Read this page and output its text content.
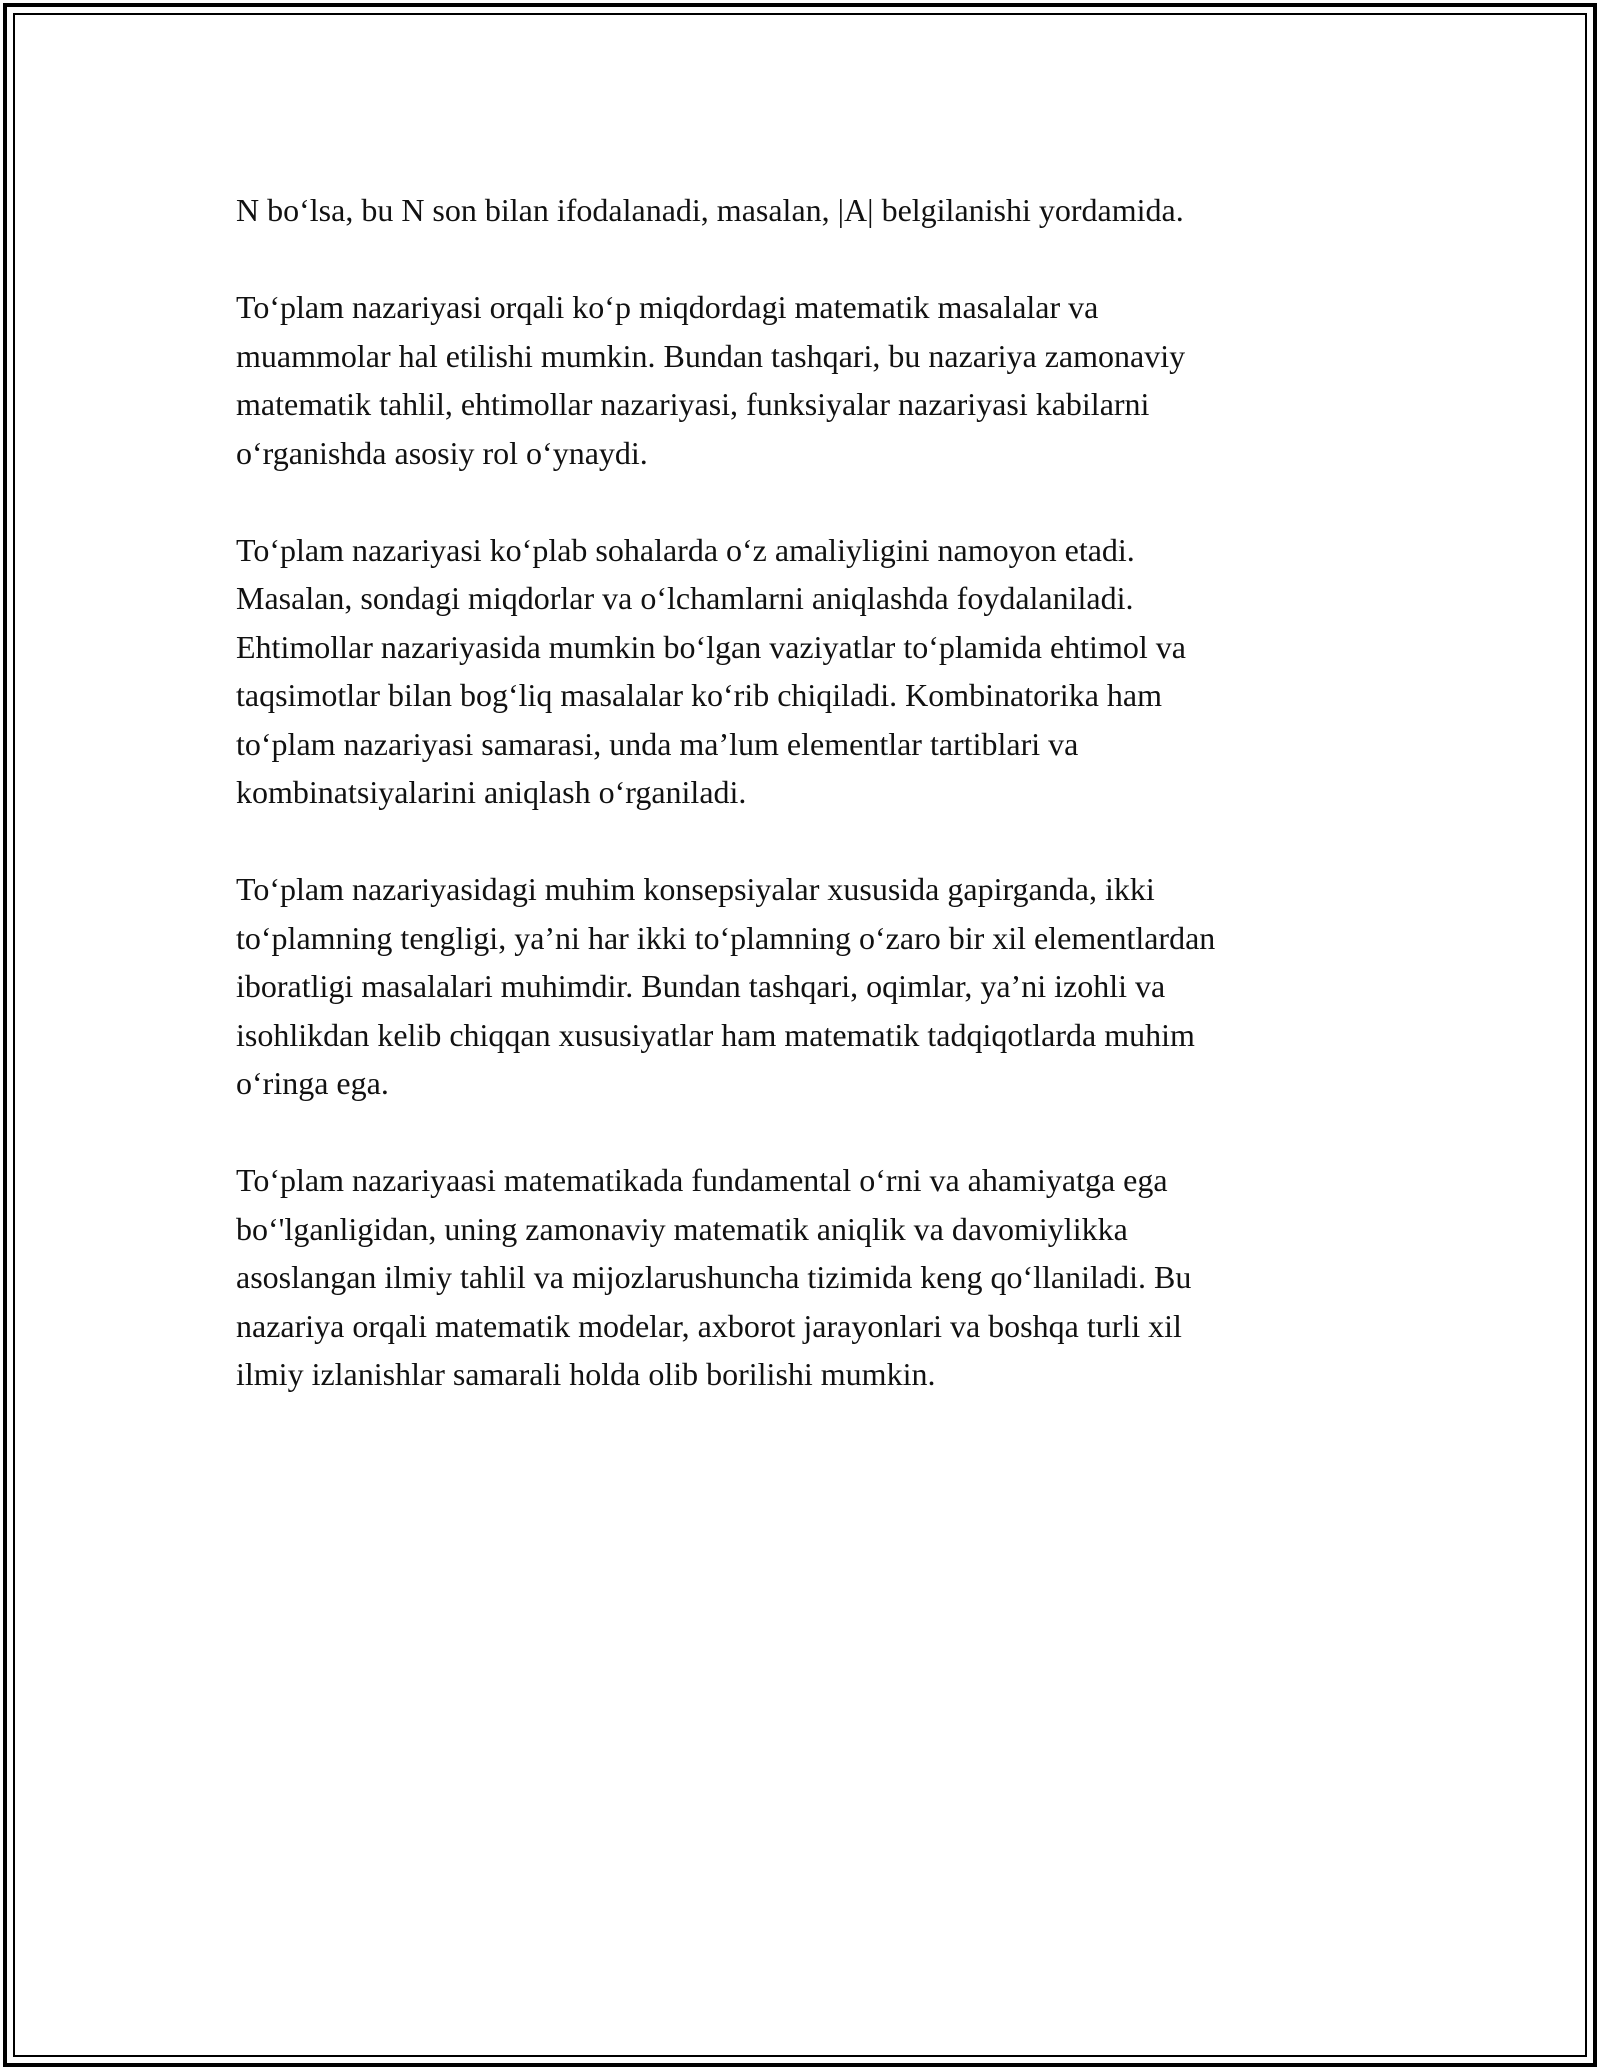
N bo‘lsa, bu N son bilan ifodalanadi, masalan, |A| belgilanishi yordamida.

To‘plam nazariyasi orqali ko‘p miqdordagi matematik masalalar va
muammolar hal etilishi mumkin. Bundan tashqari, bu nazariya zamonaviy
matematik tahlil, ehtimollar nazariyasi, funksiyalar nazariyasi kabilarni
o‘rganishda asosiy rol o‘ynaydi.

To‘plam nazariyasi ko‘plab sohalarda o‘z amaliyligini namoyon etadi.
Masalan, sondagi miqdorlar va o‘lchamlarni aniqlashda foydalaniladi.
Ehtimollar nazariyasida mumkin bo‘lgan vaziyatlar to‘plamida ehtimol va
taqsimotlar bilan bog‘liq masalalar ko‘rib chiqiladi. Kombinatorika ham
to‘plam nazariyasi samarasi, unda ma’lum elementlar tartiblari va
kombinatsiyalarini aniqlash o‘rganiladi.

To‘plam nazariyasidagi muhim konsepsiyalar xususida gapirganda, ikki
to‘plamning tengligi, ya’ni har ikki to‘plamning o‘zaro bir xil elementlardan
iboratligi masalalari muhimdir. Bundan tashqari, oqimlar, ya’ni izohli va
isohlikdan kelib chiqqan xususiyatlar ham matematik tadqiqotlarda muhim
o‘ringa ega.

To‘plam nazariyaasi matematikada fundamental o‘rni va ahamiyatga ega
bo‘'lganligidan, uning zamonaviy matematik aniqlik va davomiylikka
asoslangan ilmiy tahlil va mijozlarushuncha tizimida keng qo‘llaniladi. Bu
nazariya orqali matematik modelar, axborot jarayonlari va boshqa turli xil
ilmiy izlanishlar samarali holda olib borilishi mumkin.
